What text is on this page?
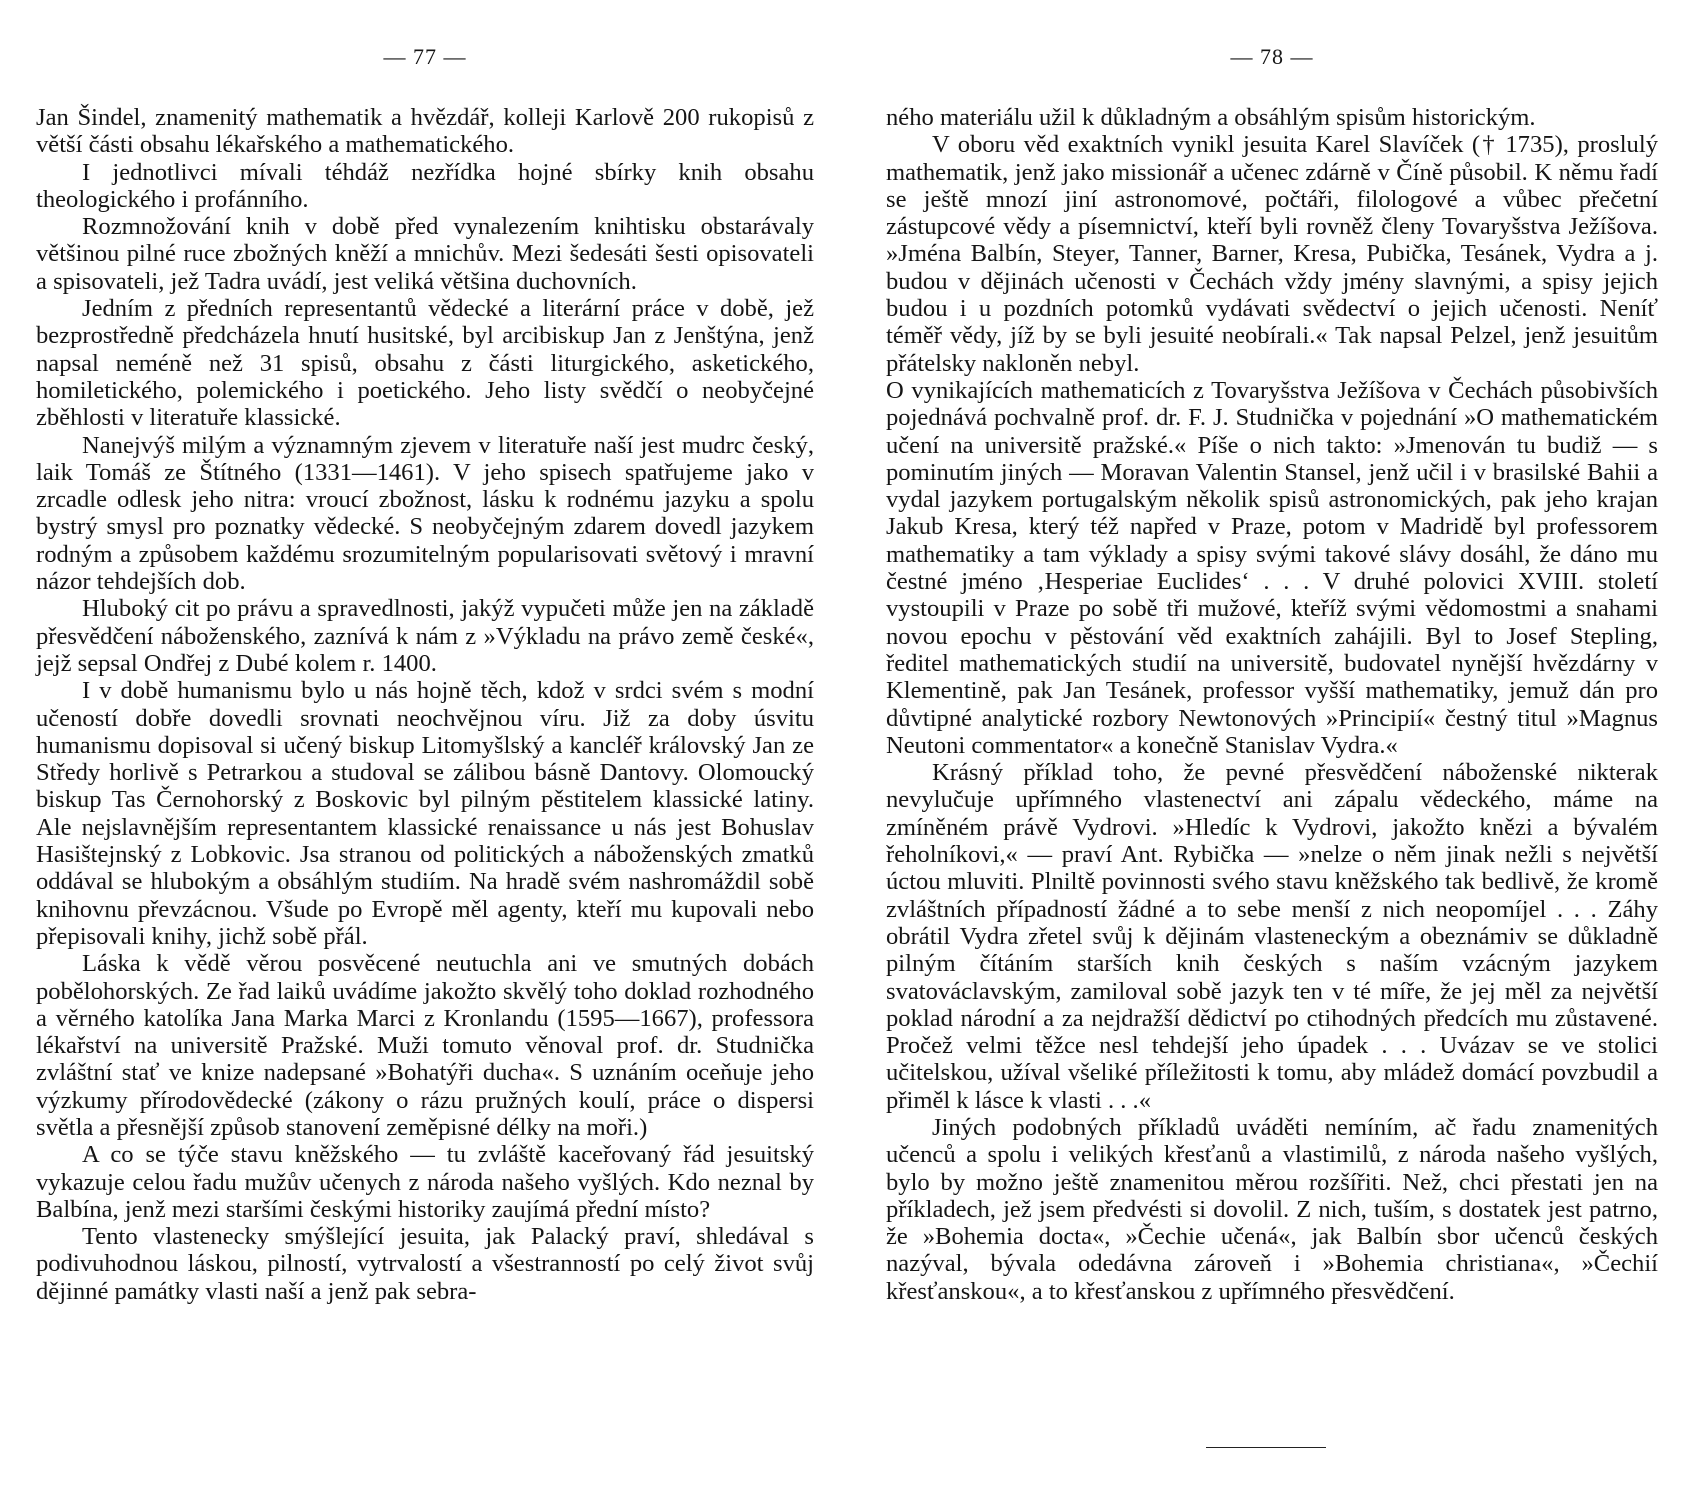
— 77 —

Jan Šindel, znamenitý mathematik a hvězdář, kolleji Karlově 200 rukopisů z větší části obsahu lékařského a mathematického.

I jednotlivci mívali téhdáž nezřídka hojné sbírky knih obsahu theologického i profánního.

Rozmnožování knih v době před vynalezením knihtisku obstarávaly většinou pilné ruce zbožných kněží a mnichův. Mezi šedesáti šesti opisovateli a spisovateli, jež Tadra uvádí, jest veliká většina duchovních.

Jedním z předních representantů vědecké a literární práce v době, jež bezprostředně předcházela hnutí husitské, byl arcibiskup Jan z Jenštýna, jenž napsal neméně než 31 spisů, obsahu z části liturgického, asketického, homiletického, polemického i poetického. Jeho listy svědčí o neobyčejné zběhlosti v literatuře klassické.

Nanejvýš milým a významným zjevem v literatuře naší jest mudrc český, laik Tomáš ze Štítného (1331—1461). V jeho spisech spatřujeme jako v zrcadle odlesk jeho nitra: vroucí zbožnost, lásku k rodnému jazyku a spolu bystrý smysl pro poznatky vědecké. S neobyčejným zdarem dovedl jazykem rodným a způsobem každému srozumitelným popularisovati světový i mravní názor tehdejších dob.

Hluboký cit po právu a spravedlnosti, jakýž vypučeti může jen na základě přesvědčení náboženského, zaznívá k nám z »Výkladu na právo země české«, jejž sepsal Ondřej z Dubé kolem r. 1400.

I v době humanismu bylo u nás hojně těch, kdož v srdci svém s modní učeností dobře dovedli srovnati neochvějnou víru. Již za doby úsvitu humanismu dopisoval si učený biskup Litomyšlský a kancléř královský Jan ze Středy horlivě s Petrarkou a studoval se zálibou básně Dantovy. Olomoucký biskup Tas Černohorský z Boskovic byl pilným pěstitelem klassické latiny. Ale nejslavnějším representantem klassické renaissance u nás jest Bohuslav Hasištejnský z Lobkovic. Jsa stranou od politických a náboženských zmatků oddával se hlubokým a obsáhlým studiím. Na hradě svém nashromáždil sobě knihovnu převzácnou. Všude po Evropě měl agenty, kteří mu kupovali nebo přepisovali knihy, jichž sobě přál.

Láska k vědě věrou posvěcené neutuchla ani ve smutných dobách pobělohorských. Ze řad laiků uvádíme jakožto skvělý toho doklad rozhodného a věrného katolíka Jana Marka Marci z Kronlandu (1595—1667), professora lékařství na universitě Pražské. Muži tomuto věnoval prof. dr. Studnička zvláštní stať ve knize nadepsané »Bohatýři ducha«. S uznáním oceňuje jeho výzkumy přírodovědecké (zákony o rázu pružných koulí, práce o dispersi světla a přesnější způsob stanovení zeměpisné délky na moři.)

A co se týče stavu kněžského — tu zvláště kaceřovaný řád jesuitský vykazuje celou řadu mužův učenych z národa našeho vyšlých. Kdo neznal by Balbína, jenž mezi staršími českými historiky zaujímá přední místo?

Tento vlastenecky smýšlející jesuita, jak Palacký praví, shledával s podivuhodnou láskou, pilností, vytrvalostí a všestranností po celý život svůj dějinné památky vlasti naší a jenž pak sebra-

— 78 —

ného materiálu užil k důkladným a obsáhlým spisům historickým.

V oboru věd exaktních vynikl jesuita Karel Slavíček († 1735), proslulý mathematik, jenž jako missionář a učenec zdárně v Číně působil. K němu řadí se ještě mnozí jiní astronomové, počtáři, filologové a vůbec přečetní zástupcové vědy a písemnictví, kteří byli rovněž členy Tovaryšstva Ježíšova. »Jména Balbín, Steyer, Tanner, Barner, Kresa, Pubička, Tesánek, Vydra a j. budou v dějinách učenosti v Čechách vždy jmény slavnými, a spisy jejich budou i u pozdních potomků vydávati svědectví o jejich učenosti. Neníť téměř vědy, jíž by se byli jesuité neobírali.« Tak napsal Pelzel, jenž jesuitům přátelsky nakloněn nebyl.

O vynikajících mathematicích z Tovaryšstva Ježíšova v Čechách působivších pojednává pochvalně prof. dr. F. J. Studnička v pojednání »O mathematickém učení na universitě pražské.« Píše o nich takto: »Jmenován tu budiž — s pominutím jiných — Moravan Valentin Stansel, jenž učil i v brasilské Bahii a vydal jazykem portugalským několik spisů astronomických, pak jeho krajan Jakub Kresa, který též napřed v Praze, potom v Madridě byl professorem mathematiky a tam výklady a spisy svými takové slávy dosáhl, že dáno mu čestné jméno ‚Hesperiae Euclides‘ . . . V druhé polovici XVIII. století vystoupili v Praze po sobě tři mužové, kteříž svými vědomostmi a snahami novou epochu v pěstování věd exaktních zahájili. Byl to Josef Stepling, ředitel mathematických studií na universitě, budovatel nynější hvězdárny v Klementině, pak Jan Tesánek, professor vyšší mathematiky, jemuž dán pro důvtipné analytické rozbory Newtonových »Principií« čestný titul »Magnus Neutoni commentator« a konečně Stanislav Vydra.«

Krásný příklad toho, že pevné přesvědčení náboženské nikterak nevylučuje upřímného vlastenectví ani zápalu vědeckého, máme na zmíněném právě Vydrovi. »Hledíc k Vydrovi, jakožto knězi a bývalém řeholníkovi,« — praví Ant. Rybička — »nelze o něm jinak nežli s největší úctou mluviti. Plniltě povinnosti svého stavu kněžského tak bedlivě, že kromě zvláštních případností žádné a to sebe menší z nich neopomíjel . . . Záhy obrátil Vydra zřetel svůj k dějinám vlasteneckým a obeznámiv se důkladně pilným čítáním starších knih českých s naším vzácným jazykem svatováclavským, zamiloval sobě jazyk ten v té míře, že jej měl za největší poklad národní a za nejdražší dědictví po ctihodných předcích mu zůstavené. Pročež velmi těžce nesl tehdejší jeho úpadek . . . Uvázav se ve stolici učitelskou, užíval všeliké příležitosti k tomu, aby mládež domácí povzbudil a přiměl k lásce k vlasti . . .«

Jiných podobných příkladů uváděti nemíním, ač řadu znamenitých učenců a spolu i velikých křesťanů a vlastimilů, z národa našeho vyšlých, bylo by možno ještě znamenitou měrou rozšířiti. Než, chci přestati jen na příkladech, jež jsem předvésti si dovolil. Z nich, tuším, s dostatek jest patrno, že »Bohemia docta«, »Čechie učená«, jak Balbín sbor učenců českých nazýval, bývala odedávna zároveň i »Bohemia christiana«, »Čechií křesťanskou«, a to křesťanskou z upřímného přesvědčení.
